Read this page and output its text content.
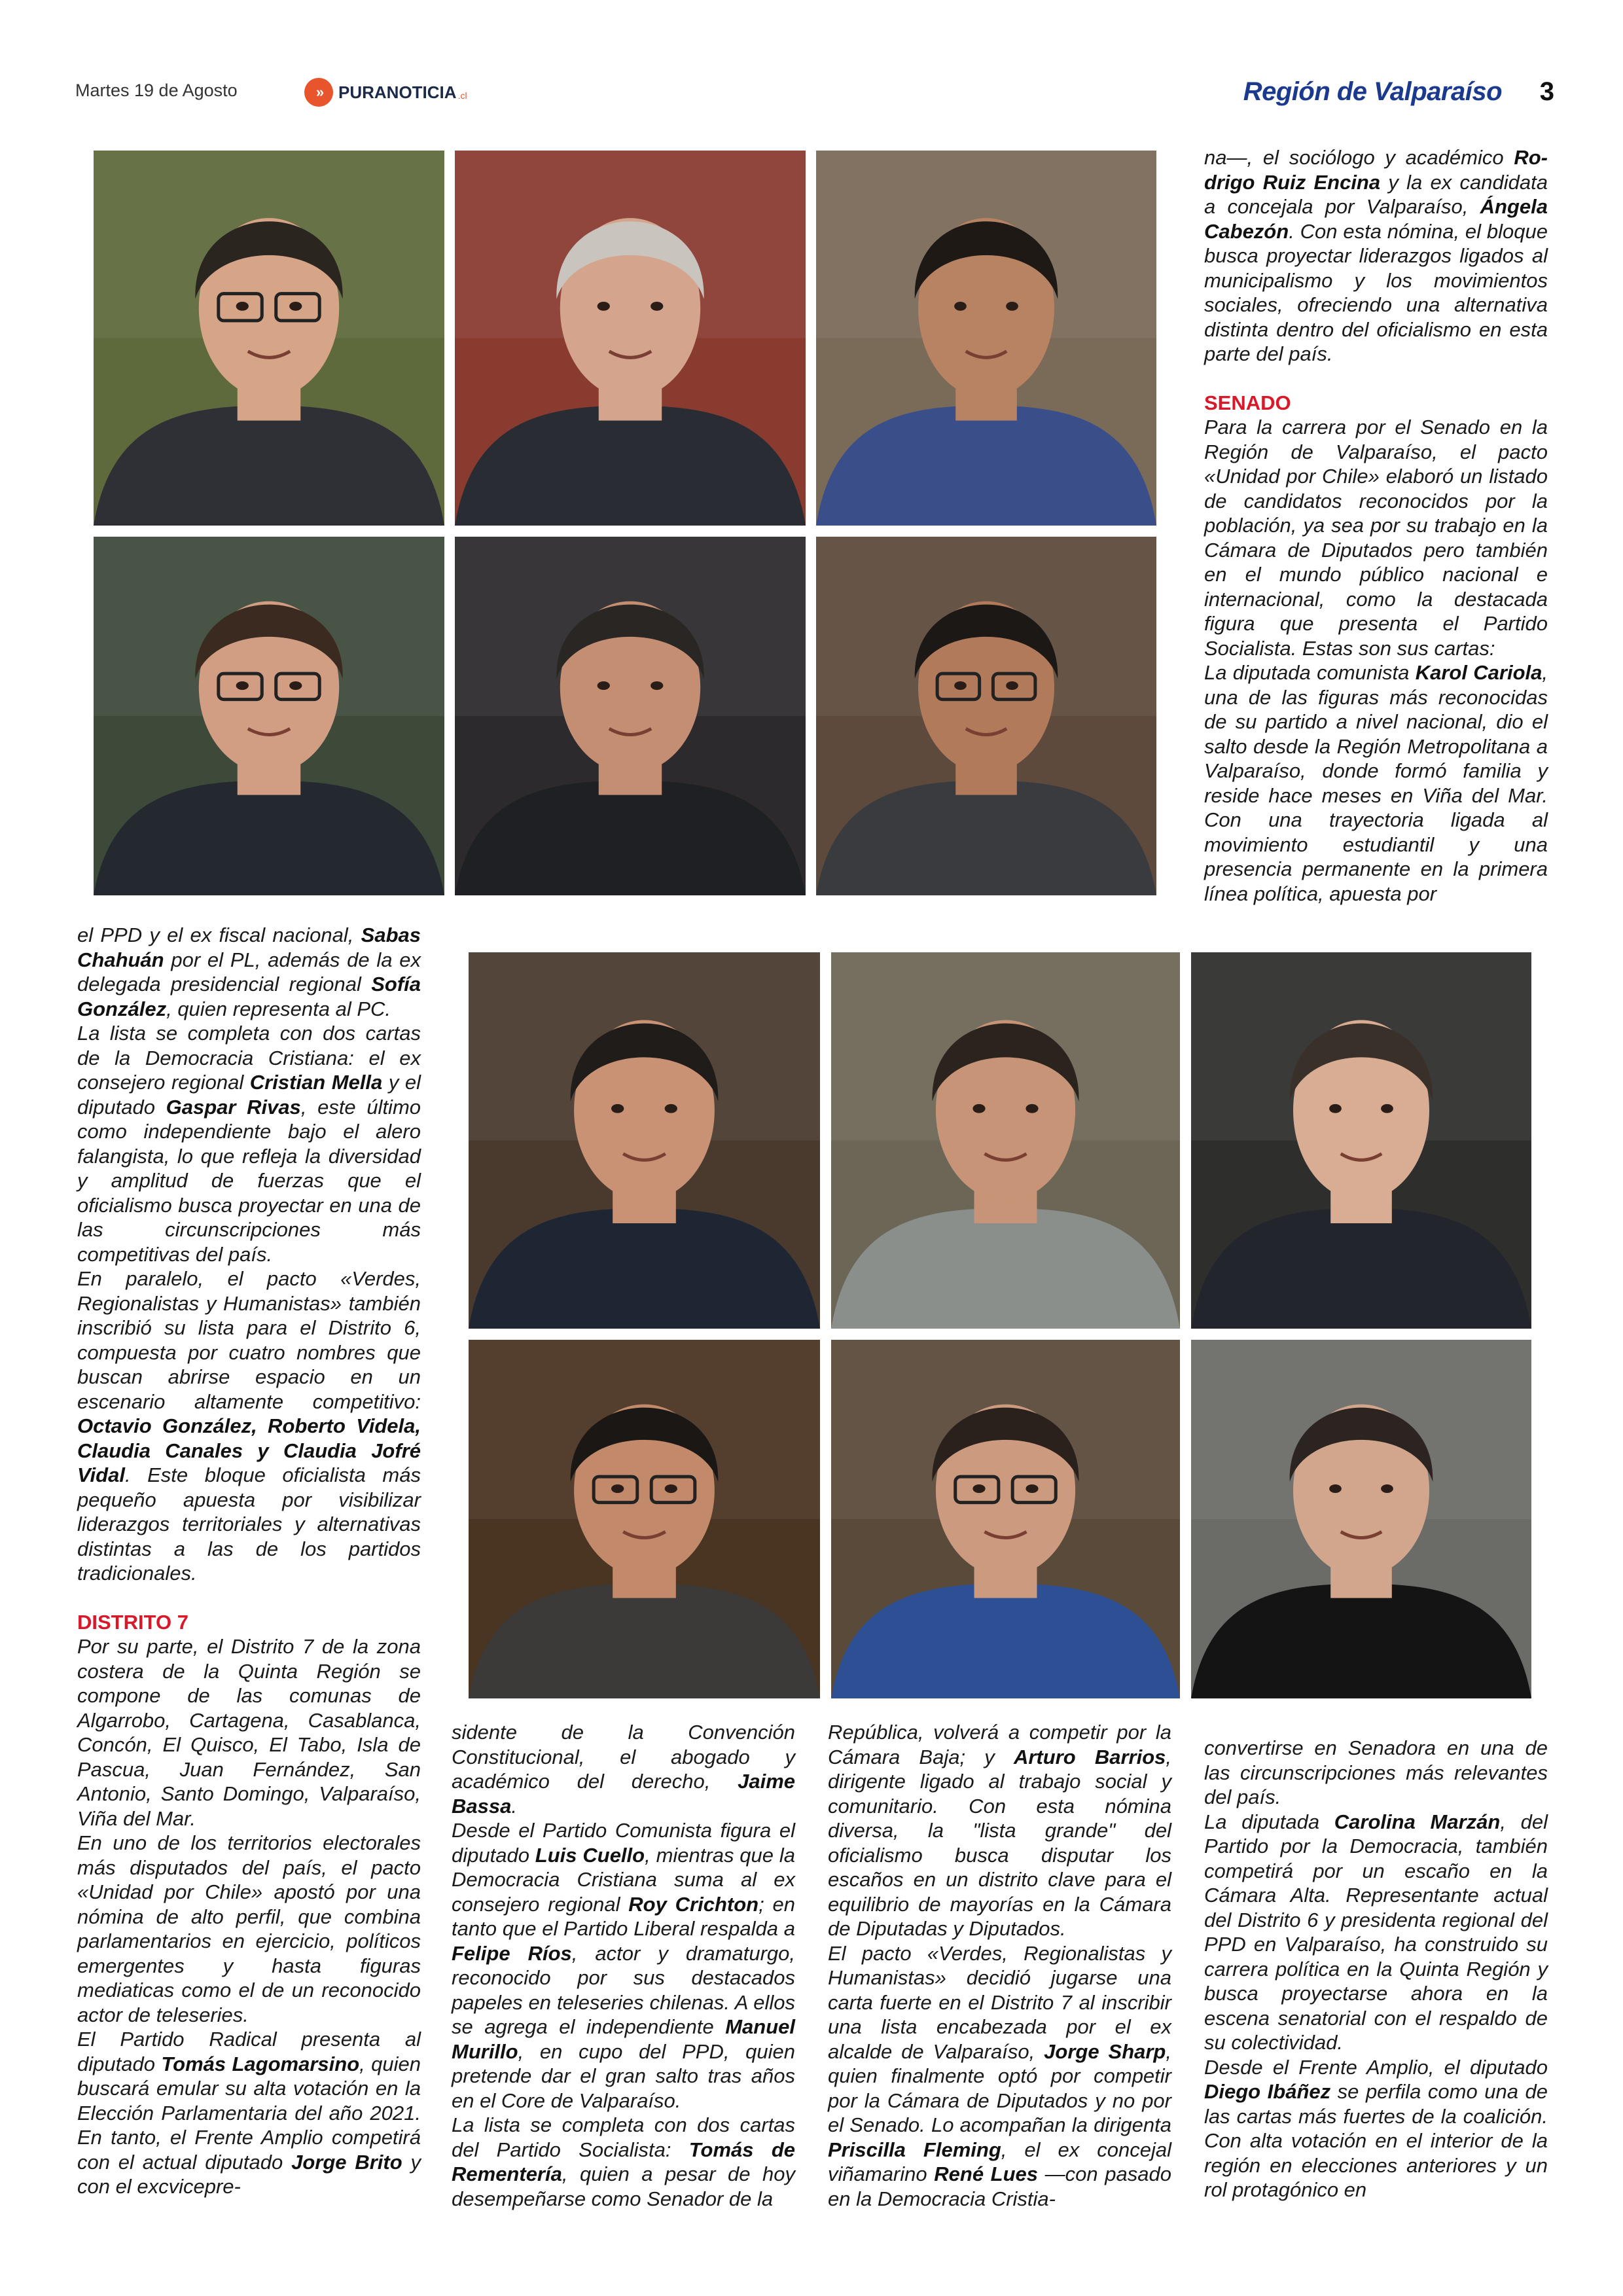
Martes 19 de Agosto	» PURANOTICIA .cl	Región de Valparaíso 3

na—, el sociólogo y académico Ro-drigo Ruiz Encina y la ex candidata a concejala por Valparaíso, Ángela Cabezón. Con esta nómina, el bloque busca proyectar liderazgos ligados al municipalismo y los movimientos sociales, ofreciendo una alternativa distinta dentro del oficialismo en esta parte del país.

SENADO

Para la carrera por el Senado en la Región de Valparaíso, el pacto «Unidad por Chile» elaboró un listado de candidatos reconocidos por la población, ya sea por su trabajo en la Cámara de Diputados pero también en el mundo público nacional e internacional, como la destacada figura que presenta el Partido Socialista. Estas son sus cartas:

La diputada comunista Karol Cariola, una de las figuras más reconocidas de su partido a nivel nacional, dio el salto desde la Región Metropolitana a Valparaíso, donde formó familia y reside hace meses en Viña del Mar. Con una trayectoria ligada al movimiento estudiantil y una presencia permanente en la primera línea política, apuesta por

el PPD y el ex fiscal nacional, Sabas Chahuán por el PL, además de la ex delegada presidencial regional Sofía González, quien representa al PC.

La lista se completa con dos cartas de la Democracia Cristiana: el ex consejero regional Cristian Mella y el diputado Gaspar Rivas, este último como independiente bajo el alero falangista, lo que refleja la diversidad y amplitud de fuerzas que el oficialismo busca proyectar en una de las circunscripciones más competitivas del país.

En paralelo, el pacto «Verdes, Regionalistas y Humanistas» también inscribió su lista para el Distrito 6, compuesta por cuatro nombres que buscan abrirse espacio en un escenario altamente competitivo: Octavio González, Roberto Videla, Claudia Canales y Claudia Jofré Vidal. Este bloque oficialista más pequeño apuesta por visibilizar liderazgos territoriales y alternativas distintas a las de los partidos tradicionales.

DISTRITO 7

Por su parte, el Distrito 7 de la zona costera de la Quinta Región se compone de las comunas de Algarrobo, Cartagena, Casablanca, Concón, El Quisco, El Tabo, Isla de Pascua, Juan Fernández, San Antonio, Santo Domingo, Valparaíso, Viña del Mar.

En uno de los territorios electorales más disputados del país, el pacto «Unidad por Chile» apostó por una nómina de alto perfil, que combina parlamentarios en ejercicio, políticos emergentes y hasta figuras mediaticas como el de un reconocido actor de teleseries.

El Partido Radical presenta al diputado Tomás Lagomarsino, quien buscará emular su alta votación en la Elección Parlamentaria del año 2021. En tanto, el Frente Amplio competirá con el actual diputado Jorge Brito y con el excvicepre-

sidente de la Convención Constitucional, el abogado y académico del derecho, Jaime Bassa.

Desde el Partido Comunista figura el diputado Luis Cuello, mientras que la Democracia Cristiana suma al ex consejero regional Roy Crichton; en tanto que el Partido Liberal respalda a Felipe Ríos, actor y dramaturgo, reconocido por sus destacados papeles en teleseries chilenas. A ellos se agrega el independiente Manuel Murillo, en cupo del PPD, quien pretende dar el gran salto tras años en el Core de Valparaíso.

La lista se completa con dos cartas del Partido Socialista: Tomás de Rementería, quien a pesar de hoy desempeñarse como Senador de la

República, volverá a competir por la Cámara Baja; y Arturo Barrios, dirigente ligado al trabajo social y comunitario. Con esta nómina diversa, la "lista grande" del oficialismo busca disputar los escaños en un distrito clave para el equilibrio de mayorías en la Cámara de Diputadas y Diputados.

El pacto «Verdes, Regionalistas y Humanistas» decidió jugarse una carta fuerte en el Distrito 7 al inscribir una lista encabezada por el ex alcalde de Valparaíso, Jorge Sharp, quien finalmente optó por competir por la Cámara de Diputados y no por el Senado. Lo acompañan la dirigenta Priscilla Fleming, el ex concejal viñamarino René Lues —con pasado en la Democracia Cristia-

convertirse en Senadora en una de las circunscripciones más relevantes del país.

La diputada Carolina Marzán, del Partido por la Democracia, también competirá por un escaño en la Cámara Alta. Representante actual del Distrito 6 y presidenta regional del PPD en Valparaíso, ha construido su carrera política en la Quinta Región y busca proyectarse ahora en la escena senatorial con el respaldo de su colectividad.

Desde el Frente Amplio, el diputado Diego Ibáñez se perfila como una de las cartas más fuertes de la coalición. Con alta votación en el interior de la región en elecciones anteriores y un rol protagónico en
